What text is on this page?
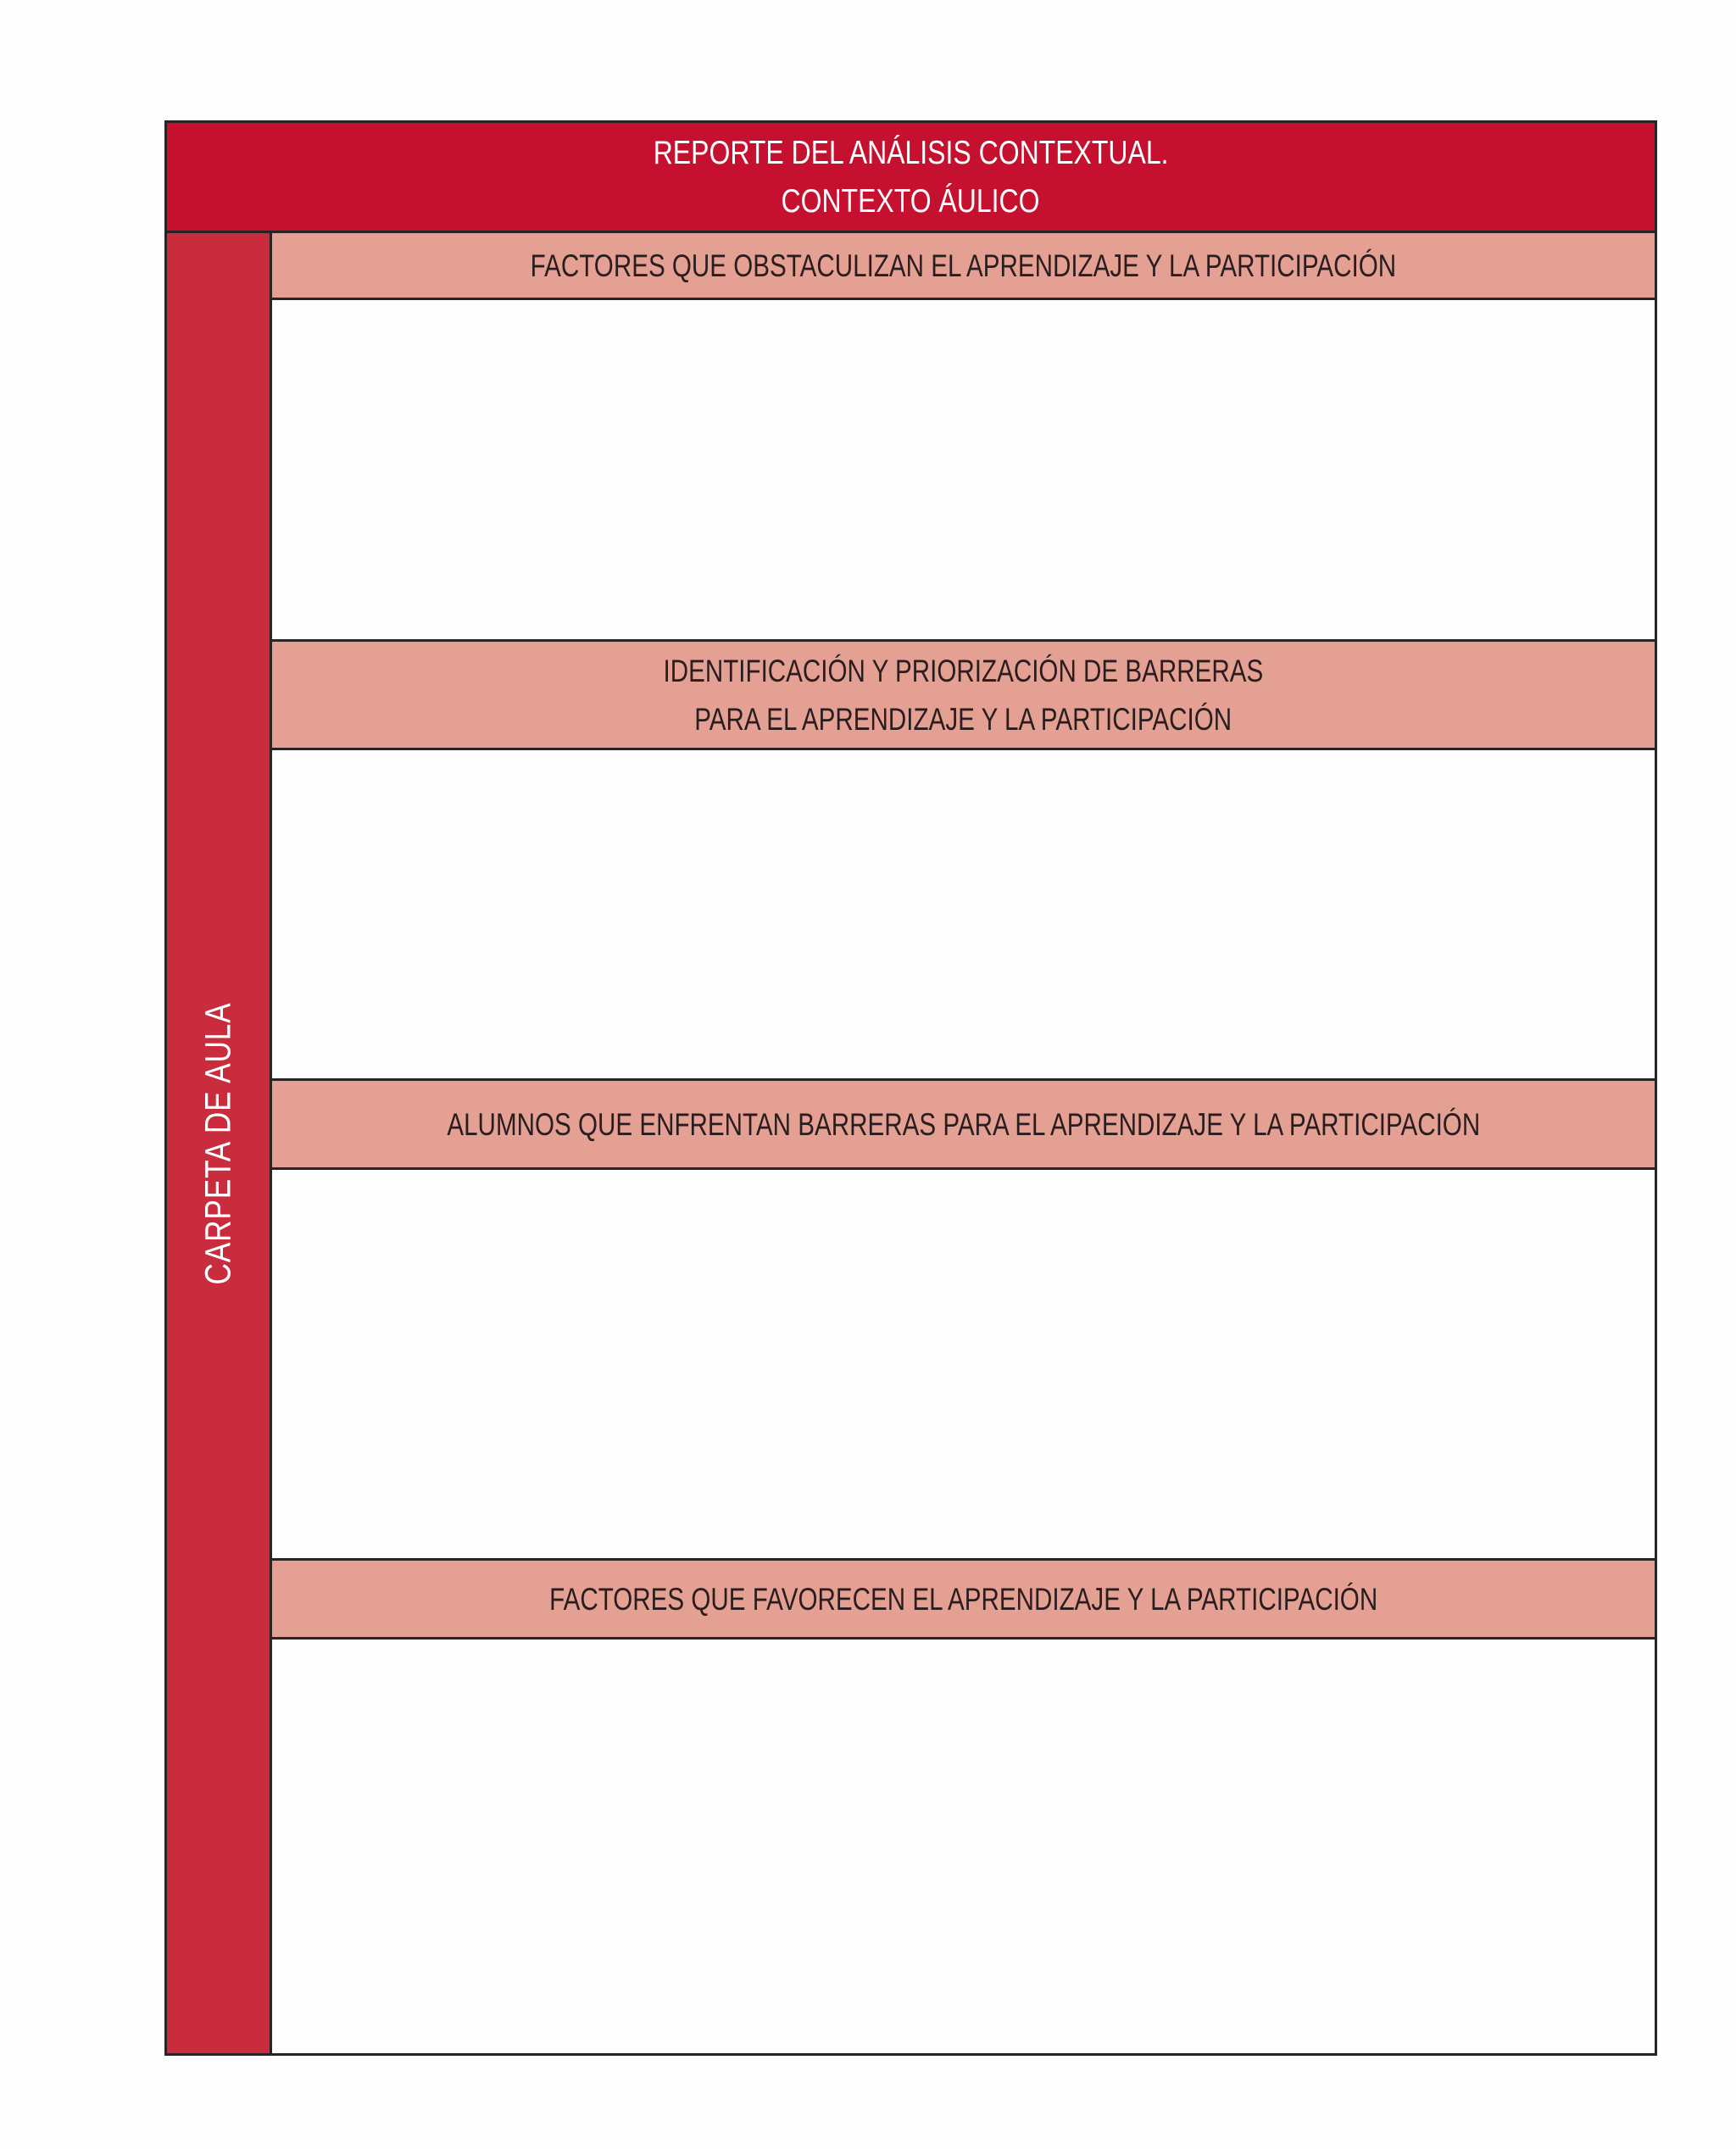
REPORTE DEL ANÁLISIS CONTEXTUAL.
CONTEXTO ÁULICO
CARPETA DE AULA
FACTORES QUE OBSTACULIZAN EL APRENDIZAJE Y LA PARTICIPACIÓN
IDENTIFICACIÓN Y PRIORIZACIÓN DE BARRERAS
PARA EL APRENDIZAJE Y LA PARTICIPACIÓN
ALUMNOS QUE ENFRENTAN BARRERAS PARA EL APRENDIZAJE Y LA PARTICIPACIÓN
FACTORES QUE FAVORECEN EL APRENDIZAJE Y LA PARTICIPACIÓN
